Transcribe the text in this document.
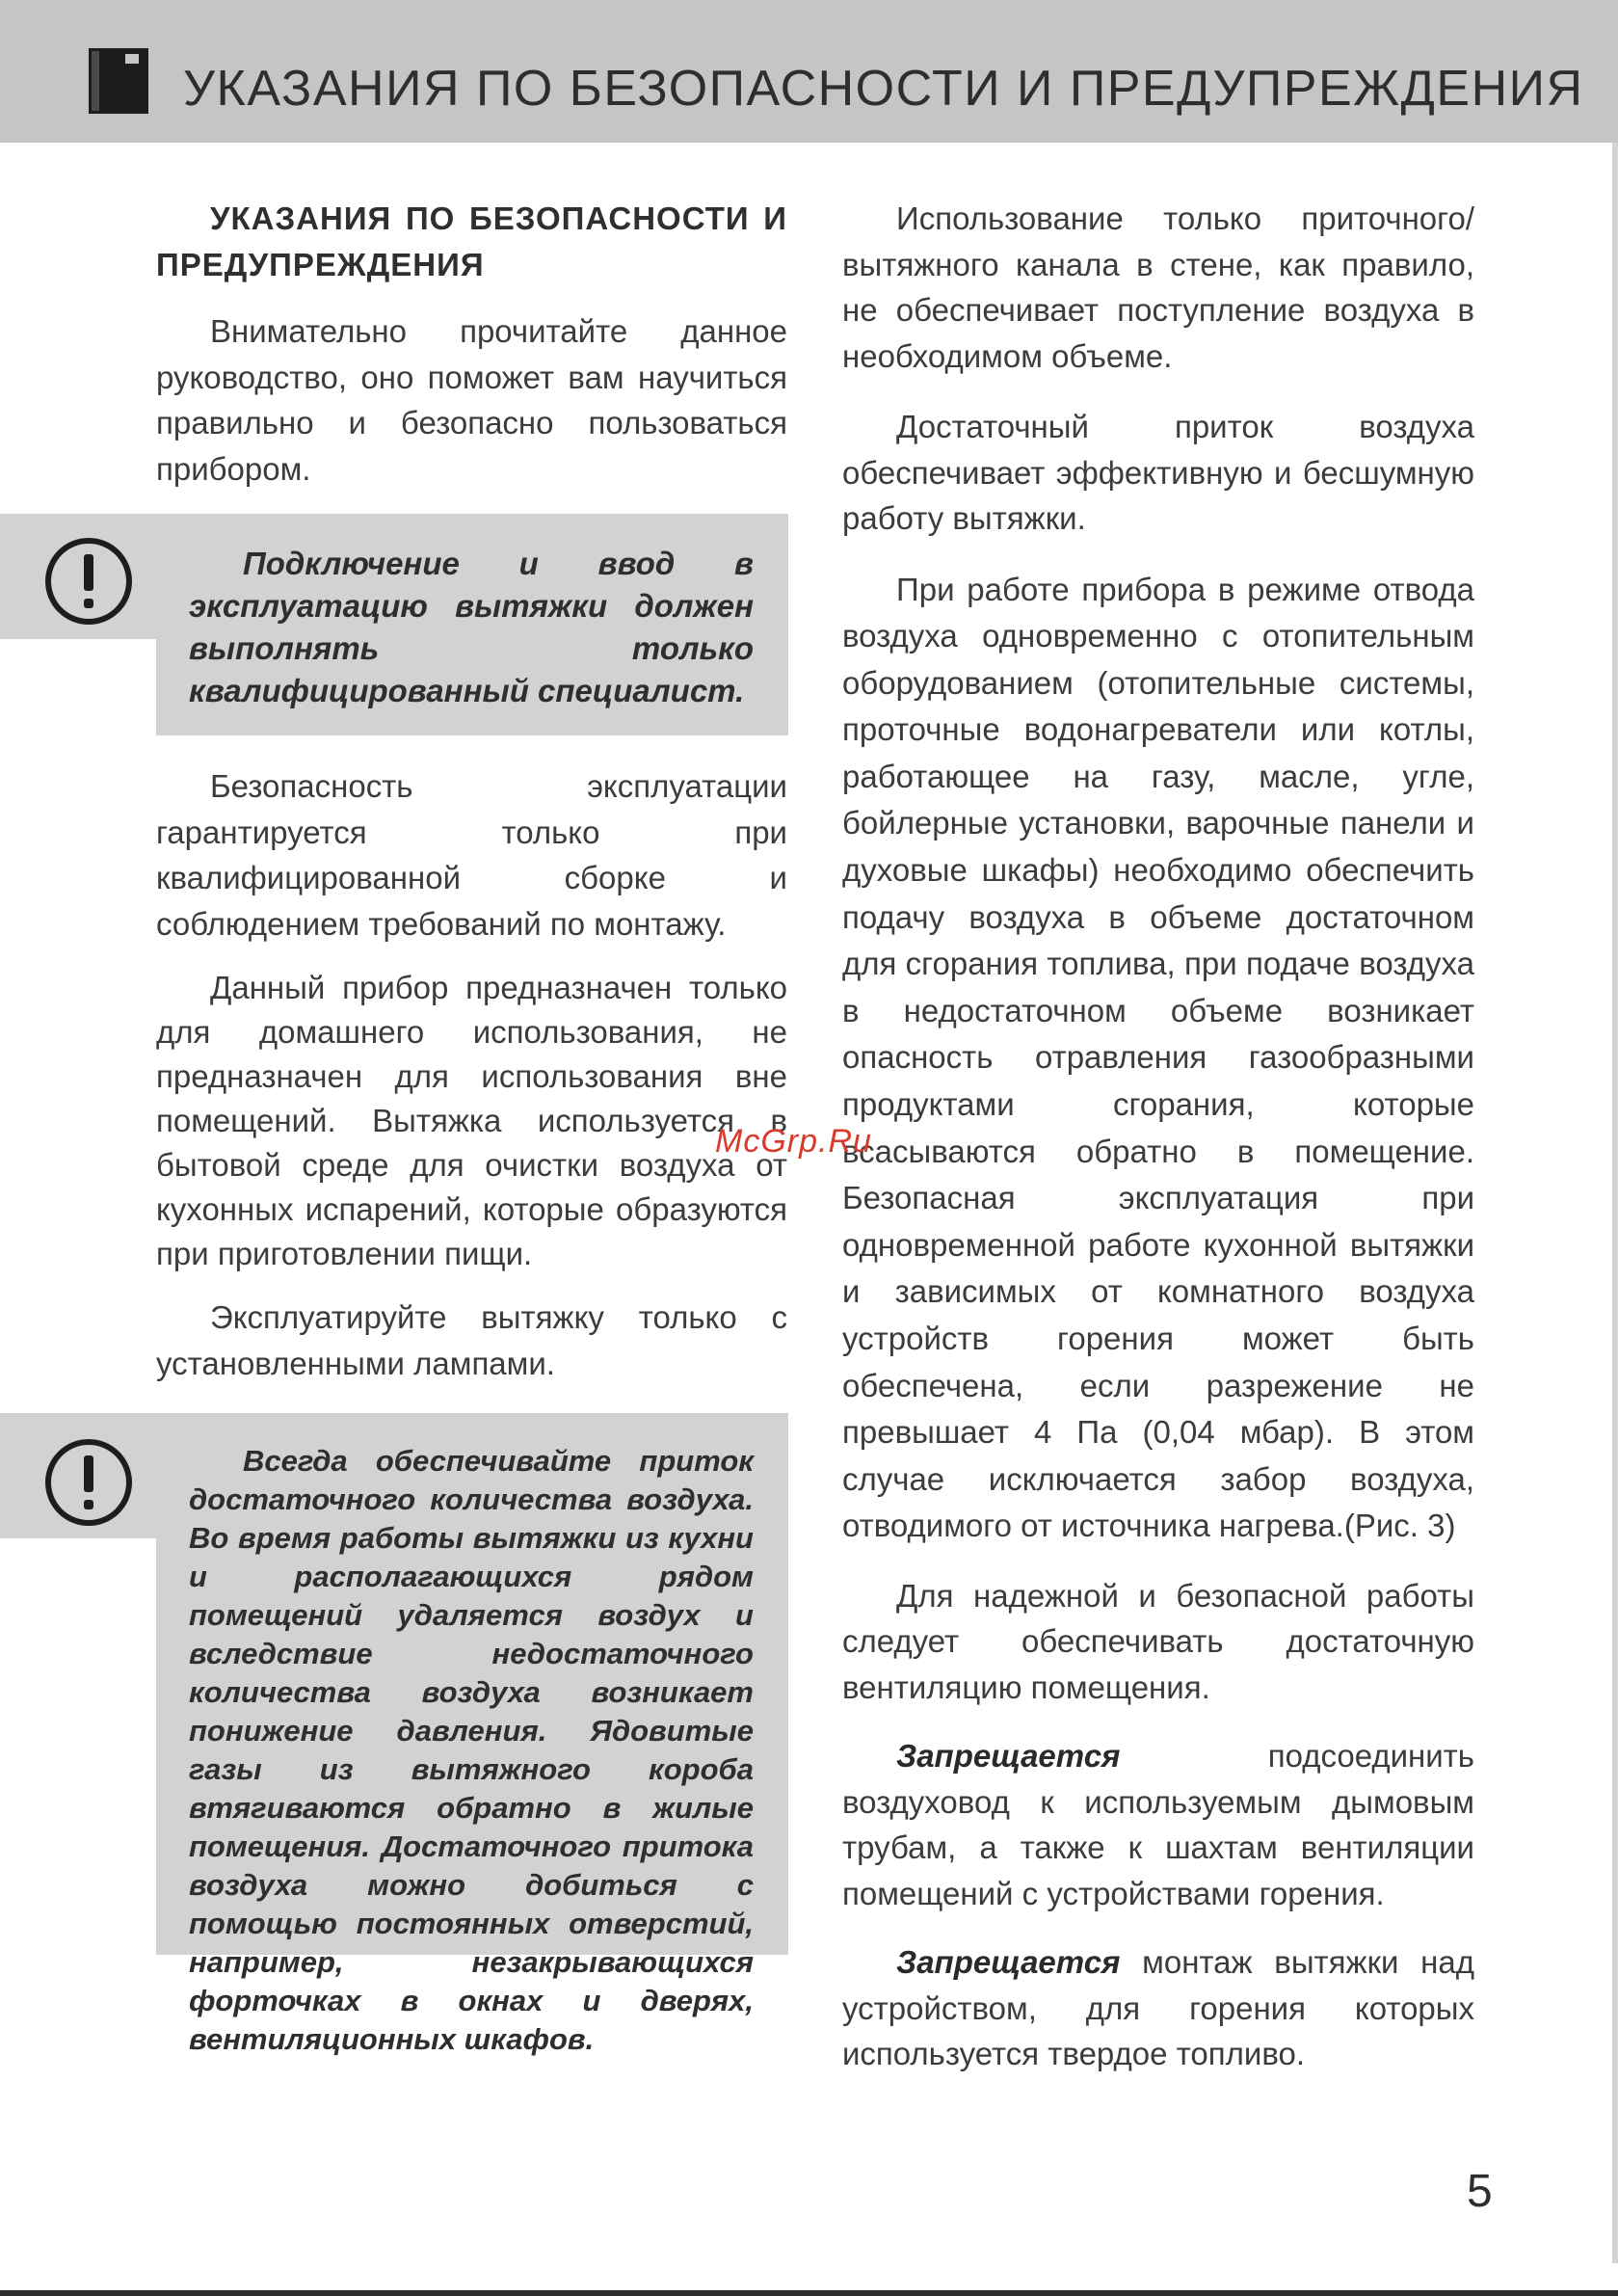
УКАЗАНИЯ ПО БЕЗОПАСНОСТИ И ПРЕДУПРЕЖДЕНИЯ
УКАЗАНИЯ ПО БЕЗОПАСНОСТИ И ПРЕДУПРЕЖДЕНИЯ

Внимательно прочитайте данное руководство, оно поможет вам научиться правильно и безопасно пользоваться прибором.

Подключение и ввод в эксплуатацию вытяжки должен выполнять только квалифицированный специалист.

Безопасность эксплуатации гарантируется только при квалифицированной сборке и соблюдением требований по монтажу.

Данный прибор предназначен только для домашнего использования, не предназначен для использования вне помещений. Вытяжка используется в бытовой среде для очистки воздуха от кухонных испарений, которые образуются при приготовлении пищи.

Эксплуатируйте вытяжку только с установленными лампами.

Всегда обеспечивайте приток достаточного количества воздуха. Во время работы вытяжки из кухни и располагающихся рядом помещений удаляется воздух и вследствие недостаточного количества воздуха возникает понижение давления. Ядовитые газы из вытяжного короба втягиваются обратно в жилые помещения. Достаточного притока воздуха можно добиться с помощью постоянных отверстий, например, незакрывающихся форточках в окнах и дверях, вентиляционных шкафов.

Использование только приточного/вытяжного канала в стене, как правило, не обеспечивает поступление воздуха в необходимом объеме.

Достаточный приток воздуха обеспечивает эффективную и бесшумную работу вытяжки.

При работе прибора в режиме отвода воздуха одновременно с отопительным оборудованием (отопительные системы, проточные водонагреватели или котлы, работающее на газу, масле, угле, бойлерные установки, варочные панели и духовые шкафы) необходимо обеспечить подачу воздуха в объеме достаточном для сгорания топлива, при подаче воздуха в недостаточном объеме возникает опасность отравления газообразными продуктами сгорания, которые всасываются обратно в помещение. Безопасная эксплуатация при одновременной работе кухонной вытяжки и зависимых от комнатного воздуха устройств горения может быть обеспечена, если разрежение не превышает 4 Па (0,04 мбар). В этом случае исключается забор воздуха, отводимого от источника нагрева.(Рис. 3)

Для надежной и безопасной работы следует обеспечивать достаточную вентиляцию помещения.

Запрещается подсоединить воздуховод к используемым дымовым трубам, а также к шахтам вентиляции помещений с устройствами горения.

Запрещается монтаж вытяжки над устройством, для горения которых используется твердое топливо.

McGrp.Ru
5
